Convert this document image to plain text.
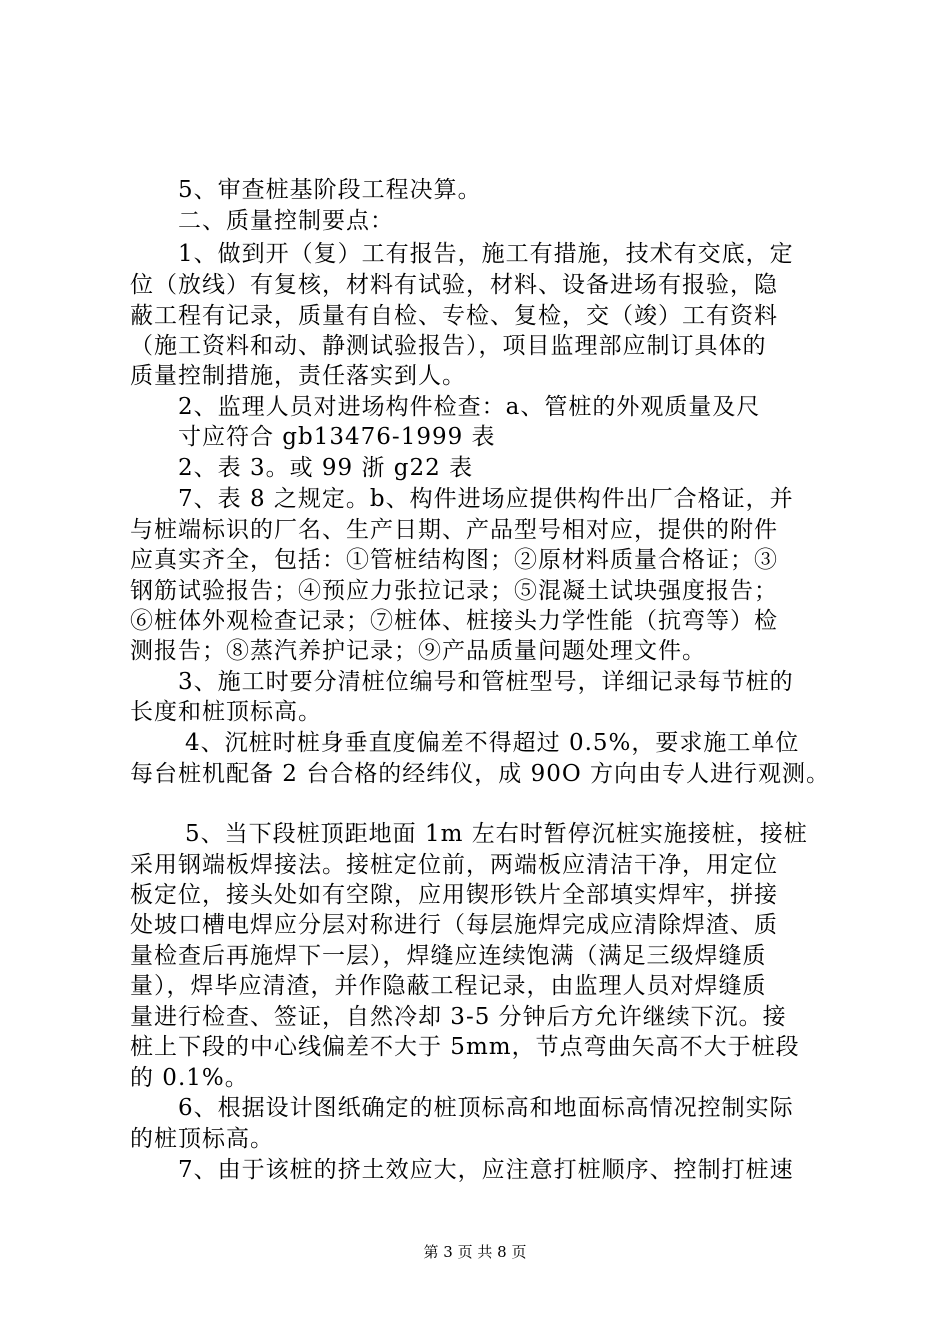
5、审查桩基阶段工程决算。

二、质量控制要点：

1、做到开（复）工有报告，施工有措施，技术有交底，定

位（放线）有复核，材料有试验，材料、设备进场有报验，隐

蔽工程有记录，质量有自检、专检、复检，交（竣）工有资料

（施工资料和动、静测试验报告），项目监理部应制订具体的

质量控制措施，责任落实到人。

2、监理人员对进场构件检查：a、管桩的外观质量及尺

寸应符合 gb13476-1999 表

2、表 3。或 99 浙 g22 表

7、表 8 之规定。b、构件进场应提供构件出厂合格证，并

与桩端标识的厂名、生产日期、产品型号相对应，提供的附件

应真实齐全，包括：①管桩结构图；②原材料质量合格证；③

钢筋试验报告；④预应力张拉记录；⑤混凝土试块强度报告；

⑥桩体外观检查记录；⑦桩体、桩接头力学性能（抗弯等）检

测报告；⑧蒸汽养护记录；⑨产品质量问题处理文件。

3、施工时要分清桩位编号和管桩型号，详细记录每节桩的

长度和桩顶标高。

4、沉桩时桩身垂直度偏差不得超过 0.5%，要求施工单位

每台桩机配备 2 台合格的经纬仪，成 90O 方向由专人进行观测。

5、当下段桩顶距地面 1m 左右时暂停沉桩实施接桩，接桩

采用钢端板焊接法。接桩定位前，两端板应清洁干净，用定位

板定位，接头处如有空隙，应用锲形铁片全部填实焊牢，拼接

处坡口槽电焊应分层对称进行（每层施焊完成应清除焊渣、质

量检查后再施焊下一层），焊缝应连续饱满（满足三级焊缝质

量），焊毕应清渣，并作隐蔽工程记录，由监理人员对焊缝质

量进行检查、签证，自然冷却 3-5 分钟后方允许继续下沉。接

桩上下段的中心线偏差不大于 5mm，节点弯曲矢高不大于桩段

的 0.1%。

6、根据设计图纸确定的桩顶标高和地面标高情况控制实际

的桩顶标高。

7、由于该桩的挤土效应大，应注意打桩顺序、控制打桩速

第 3 页 共 8 页
